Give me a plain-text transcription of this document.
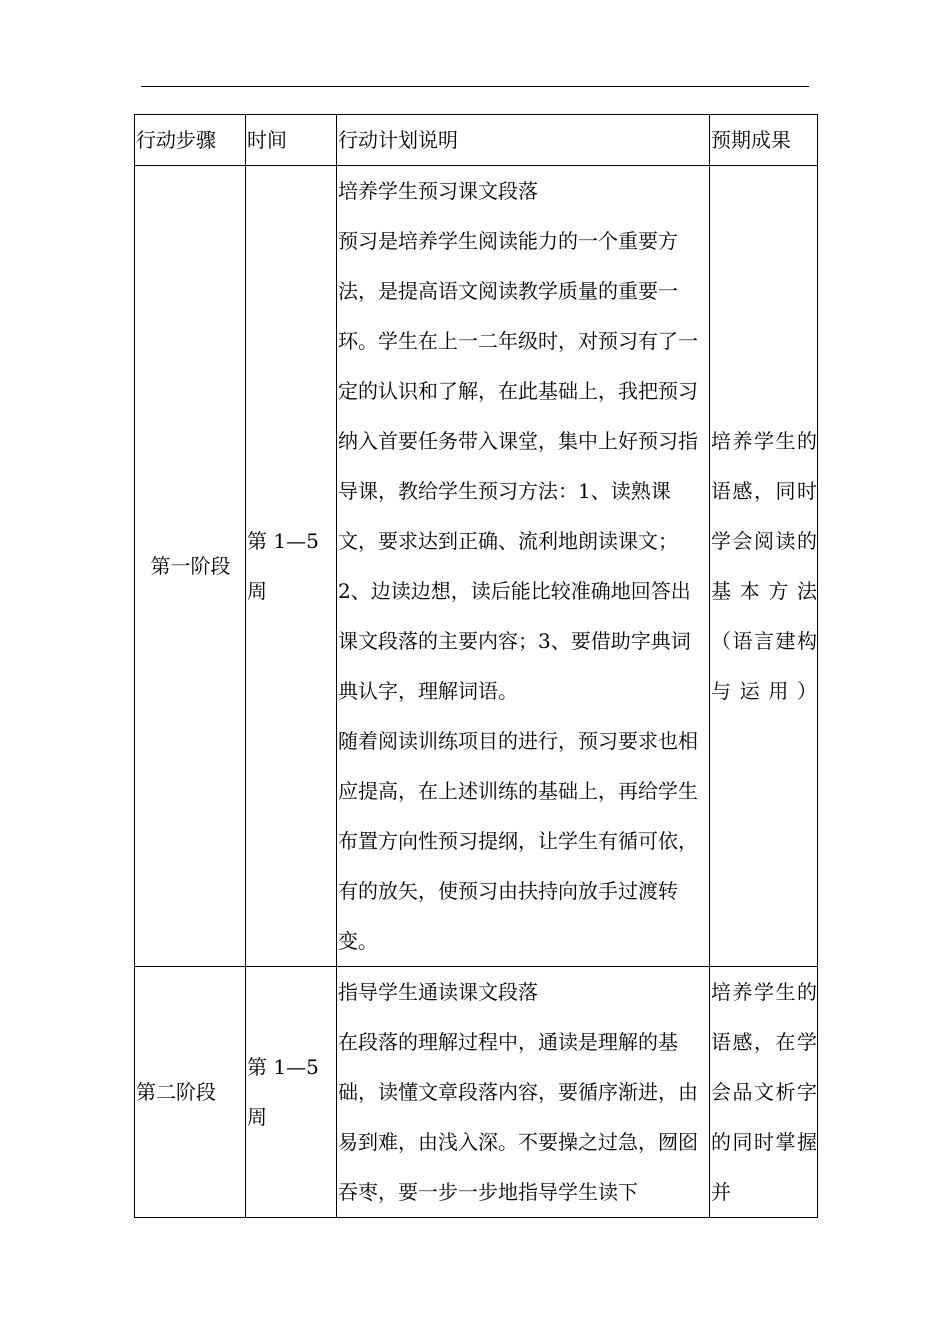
行动步骤	时间	行动计划说明	预期成果
第一阶段	第 1—5周	培养学生预习课文段落
预习是培养学生阅读能力的一个重要方法，是提高语文阅读教学质量的重要一环。学生在上一二年级时，对预习有了一定的认识和了解，在此基础上，我把预习纳入首要任务带入课堂，集中上好预习指导课，教给学生预习方法：1、读熟课文，要求达到正确、流利地朗读课文；2、边读边想，读后能比较准确地回答出课文段落的主要内容；3、要借助字典词典认字，理解词语。
随着阅读训练项目的进行，预习要求也相应提高，在上述训练的基础上，再给学生布置方向性预习提纲，让学生有循可依，有的放矢，使预习由扶持向放手过渡转变。	培养学生的语感，同时学会阅读的基本方法（语言建构与运用）
第二阶段	第 1—5周	指导学生通读课文段落
在段落的理解过程中，通读是理解的基础，读懂文章段落内容，要循序渐进，由易到难，由浅入深。不要操之过急，囫囵吞枣，要一步一步地指导学生读下	培养学生的语感，在学会品文析字的同时掌握并
